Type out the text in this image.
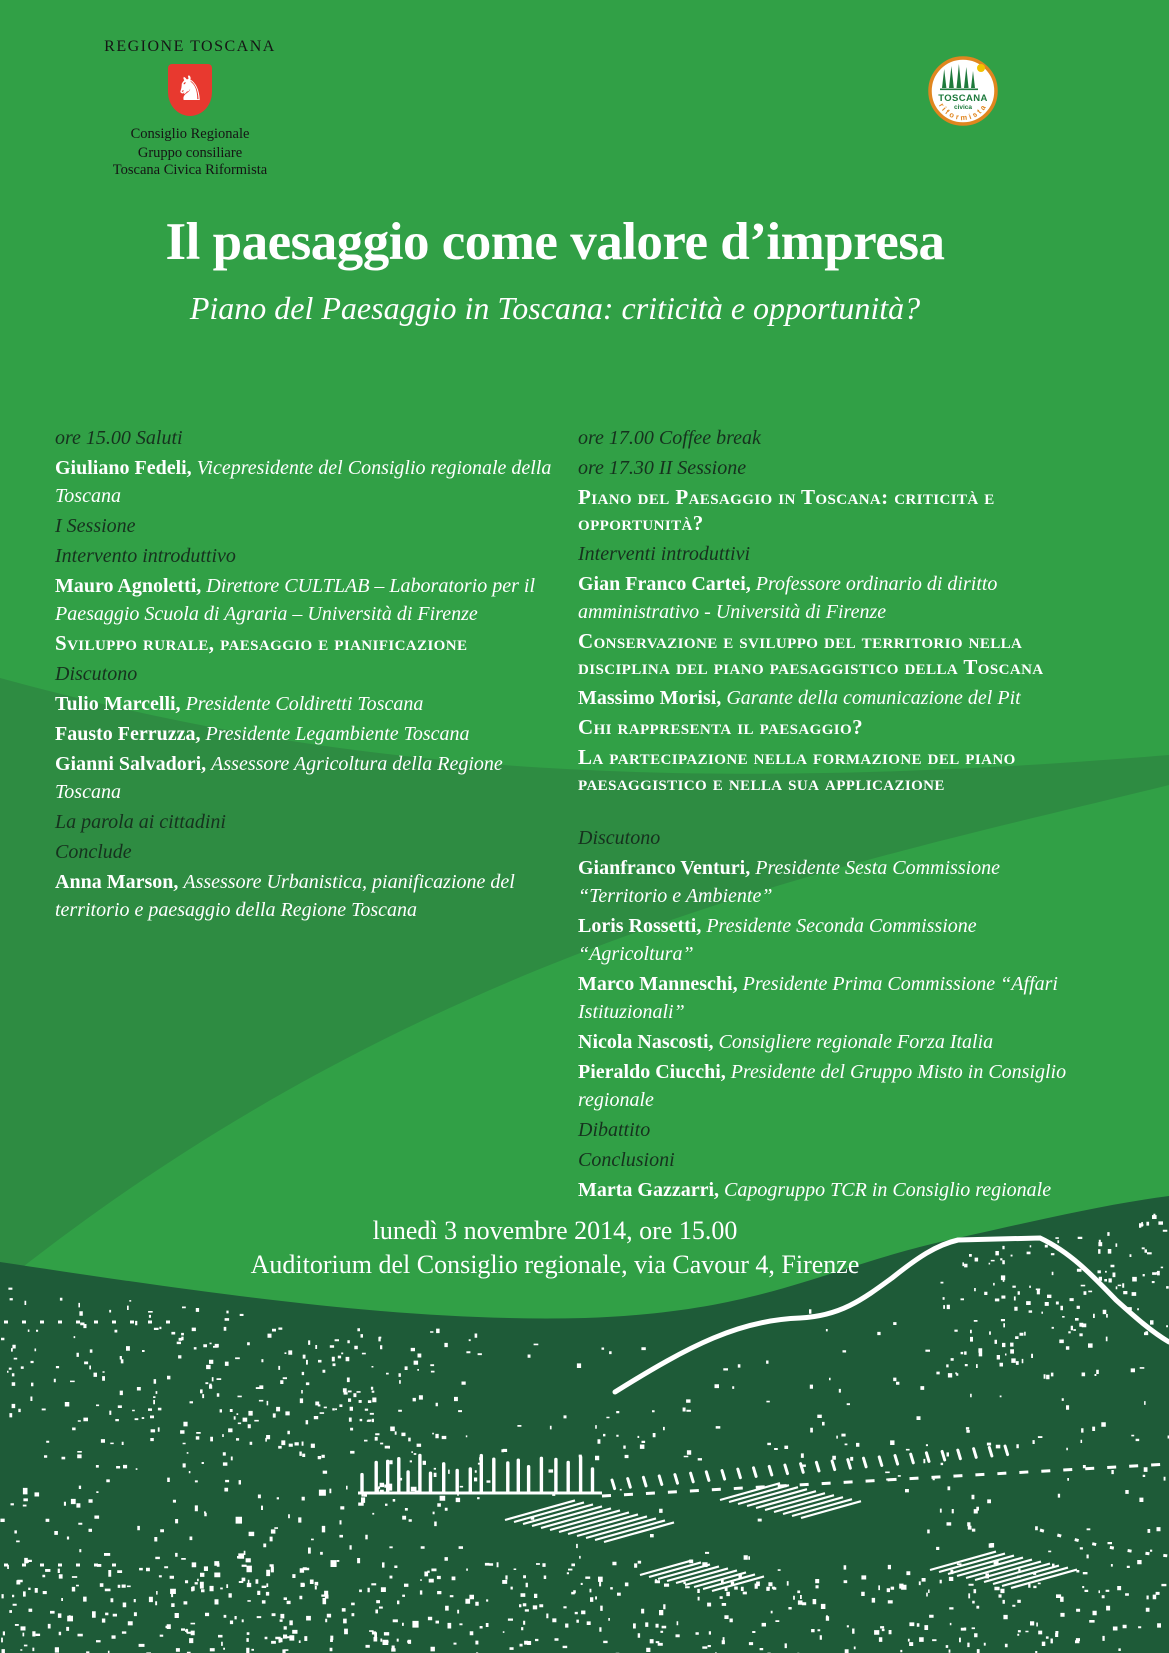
REGIONE TOSCANA
♞
Consiglio Regionale
Gruppo consiliare
Toscana Civica Riformista
TOSCANA
civica
riformista
Il paesaggio come valore d’impresa
Piano del Paesaggio in Toscana: criticità e opportunità?

ore 15.00 Saluti

Giuliano Fedeli, Vicepresidente del Consiglio regionale della Toscana

I Sessione

Intervento introduttivo

Mauro Agnoletti, Direttore CULTLAB – Laboratorio per il Paesaggio Scuola di Agraria – Università di Firenze

Sviluppo rurale, paesaggio e pianificazione

Discutono

Tulio Marcelli, Presidente Coldiretti Toscana

Fausto Ferruzza, Presidente Legambiente Toscana

Gianni Salvadori, Assessore Agricoltura della Regione Toscana

La parola ai cittadini

Conclude

Anna Marson, Assessore Urbanistica, pianificazione del territorio e paesaggio della Regione Toscana

ore 17.00 Coffee break

ore 17.30 II Sessione

Piano del Paesaggio in Toscana: criticità e opportunità?

Interventi introduttivi

Gian Franco Cartei, Professore ordinario di diritto amministrativo - Università di Firenze

Conservazione e sviluppo del territorio nella disciplina del piano paesaggistico della Toscana

Massimo Morisi, Garante della comunicazione del Pit

Chi rappresenta il paesaggio?

La partecipazione nella formazione del piano paesaggistico e nella sua applicazione

Discutono

Gianfranco Venturi, Presidente Sesta Commissione “Territorio e Ambiente”

Loris Rossetti, Presidente Seconda Commissione “Agricoltura”

Marco Manneschi, Presidente Prima Commissione “Affari Istituzionali”

Nicola Nascosti, Consigliere regionale Forza Italia

Pieraldo Ciucchi, Presidente del Gruppo Misto in Consiglio regionale

Dibattito

Conclusioni

Marta Gazzarri, Capogruppo TCR in Consiglio regionale

lunedì 3 novembre 2014, ore 15.00
Auditorium del Consiglio regionale, via Cavour 4, Firenze
